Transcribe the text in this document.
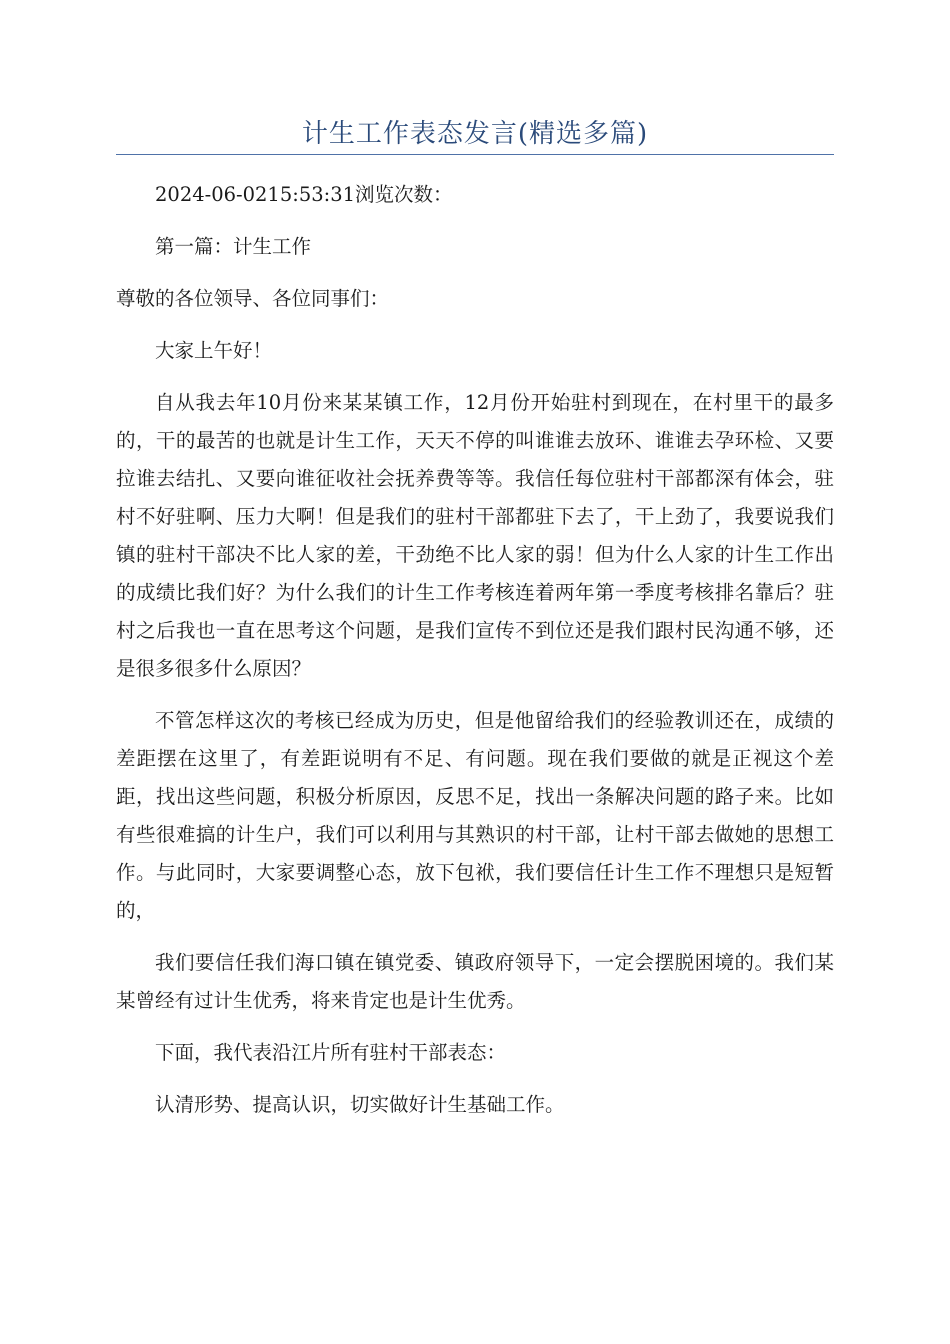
计生工作表态发言(精选多篇)

2024-06-0215:53:31浏览次数：

第一篇：计生工作

尊敬的各位领导、各位同事们：

大家上午好！

自从我去年10月份来某某镇工作，12月份开始驻村到现在，在村里干的最多的，干的最苦的也就是计生工作，天天不停的叫谁谁去放环、谁谁去孕环检、又要拉谁去结扎、又要向谁征收社会抚养费等等。我信任每位驻村干部都深有体会，驻村不好驻啊、压力大啊！但是我们的驻村干部都驻下去了，干上劲了，我要说我们镇的驻村干部决不比人家的差，干劲绝不比人家的弱！但为什么人家的计生工作出的成绩比我们好？为什么我们的计生工作考核连着两年第一季度考核排名靠后？驻村之后我也一直在思考这个问题，是我们宣传不到位还是我们跟村民沟通不够，还是很多很多什么原因？

不管怎样这次的考核已经成为历史，但是他留给我们的经验教训还在，成绩的差距摆在这里了，有差距说明有不足、有问题。现在我们要做的就是正视这个差距，找出这些问题，积极分析原因，反思不足，找出一条解决问题的路子来。比如有些很难搞的计生户，我们可以利用与其熟识的村干部，让村干部去做她的思想工作。与此同时，大家要调整心态，放下包袱，我们要信任计生工作不理想只是短暂的，

我们要信任我们海口镇在镇党委、镇政府领导下，一定会摆脱困境的。我们某某曾经有过计生优秀，将来肯定也是计生优秀。

下面，我代表沿江片所有驻村干部表态：

认清形势、提高认识，切实做好计生基础工作。
